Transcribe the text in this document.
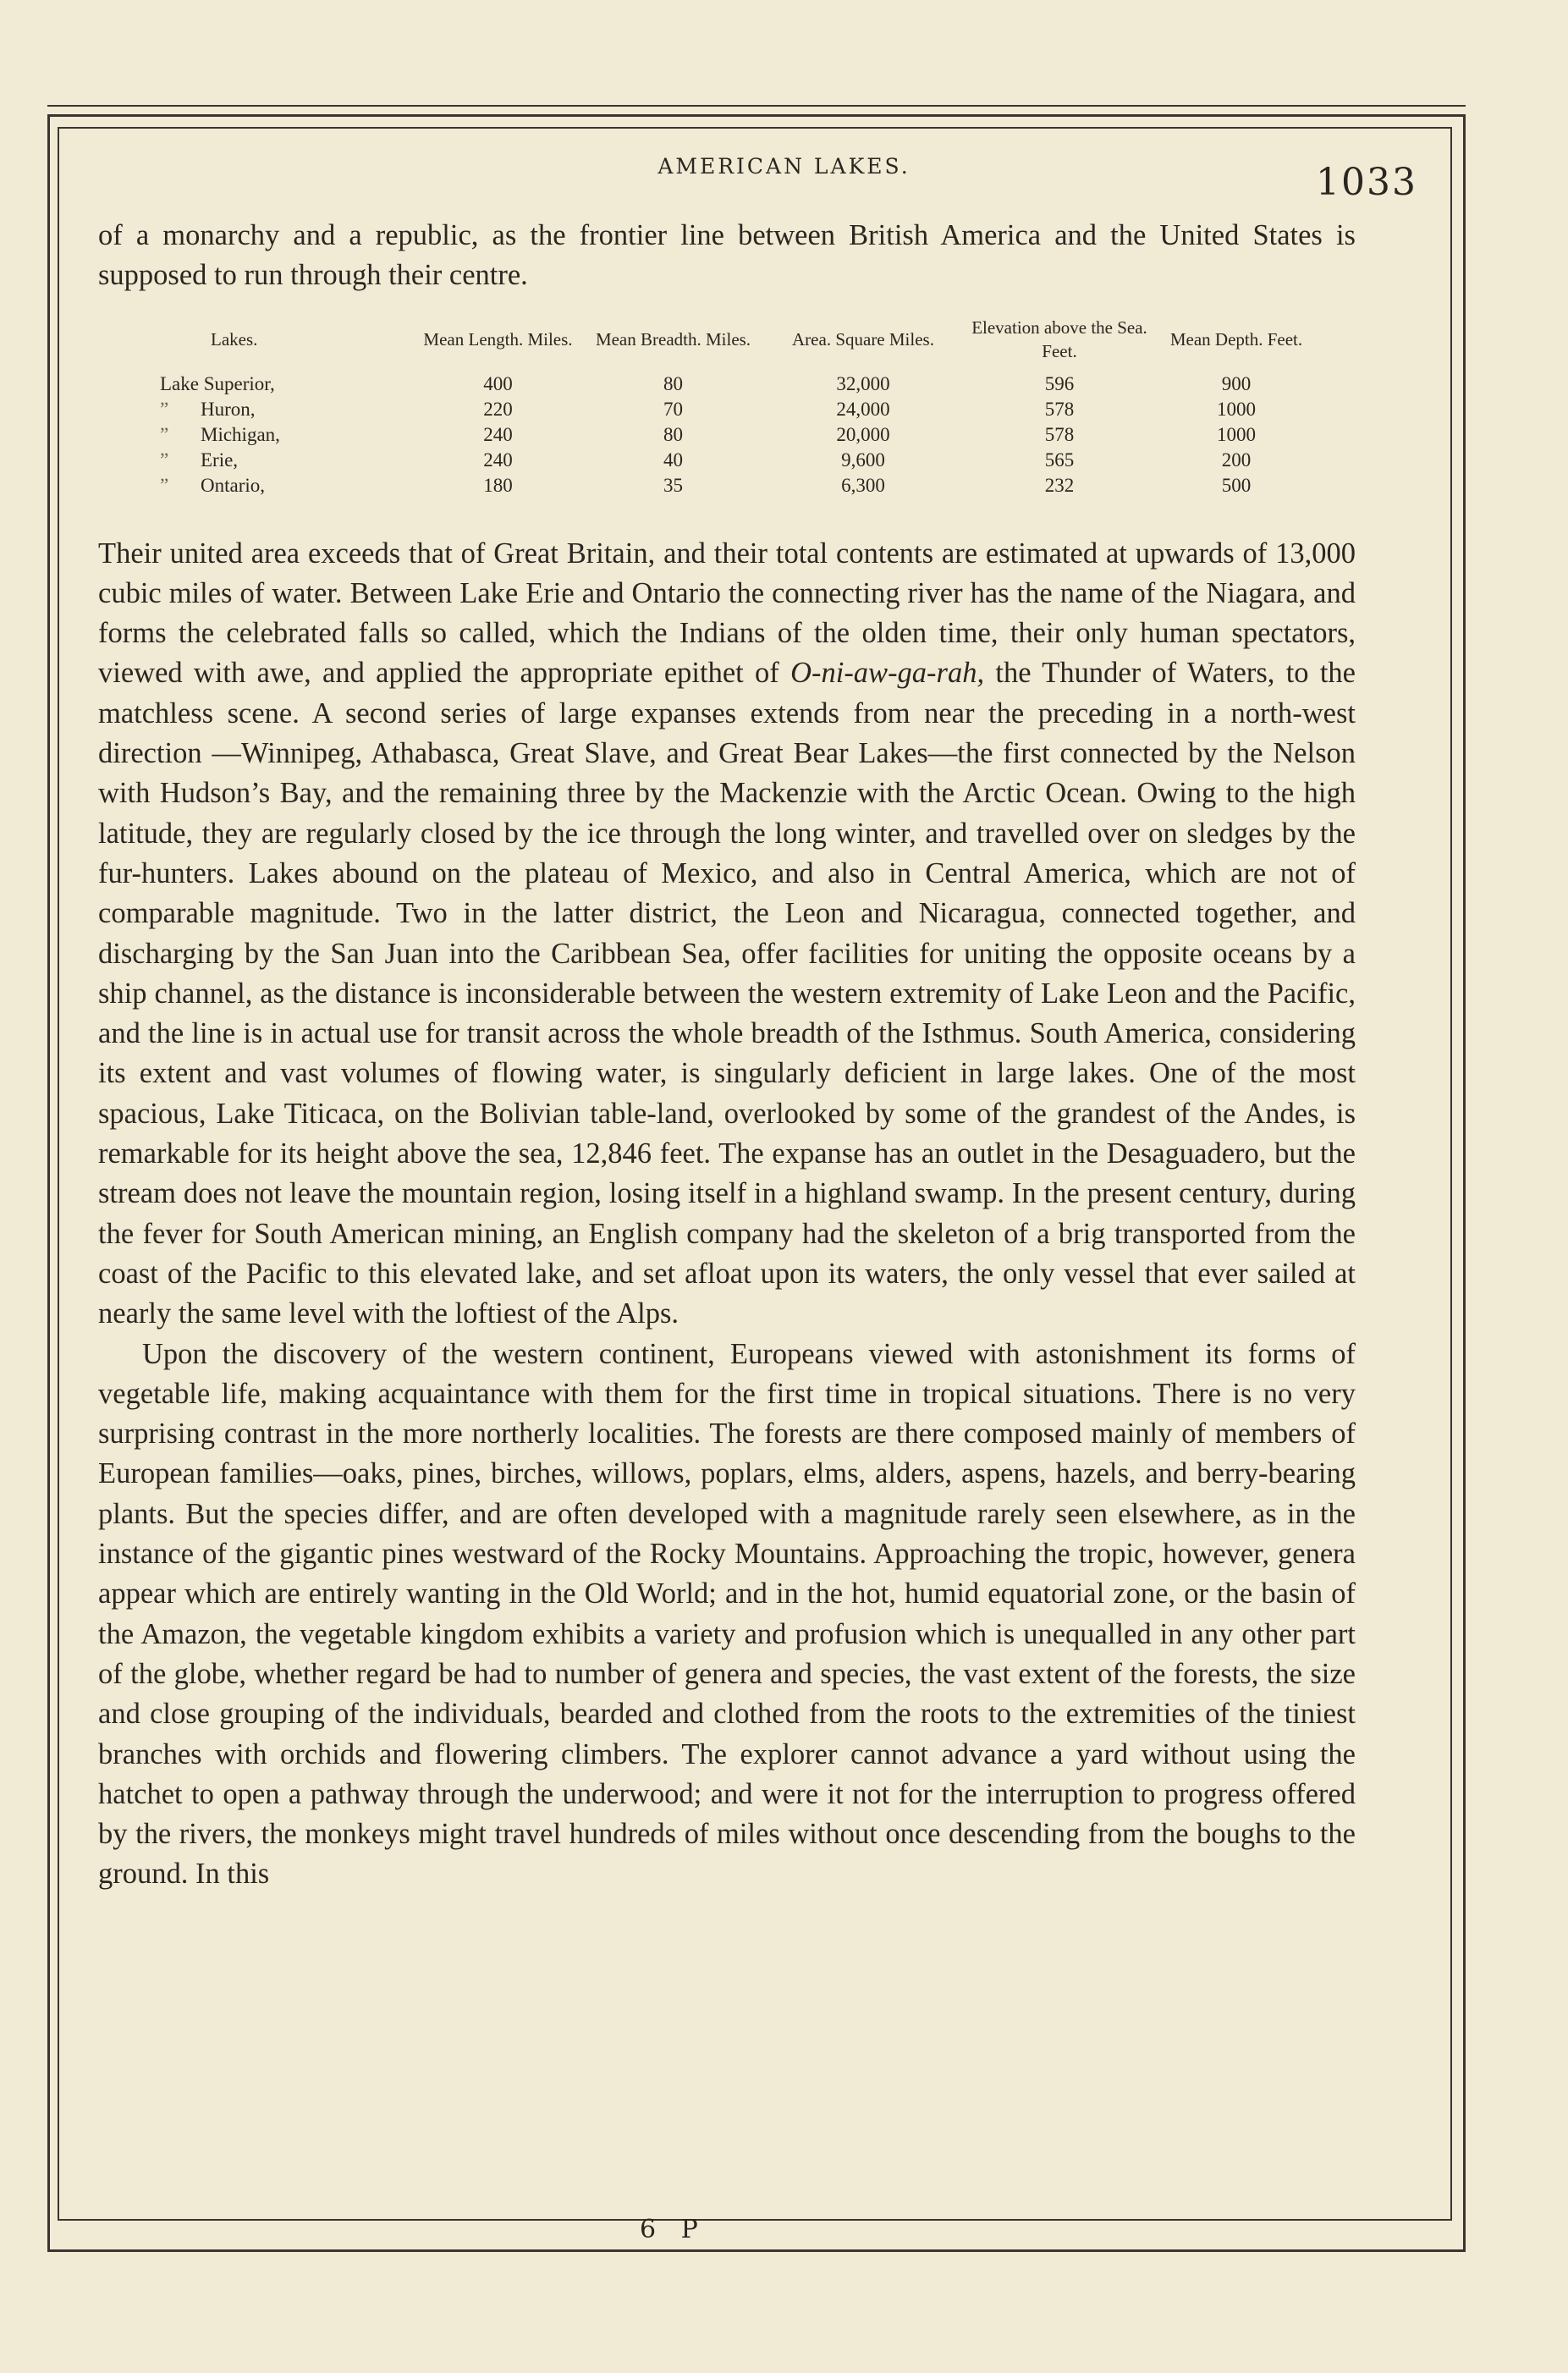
AMERICAN LAKES.	1033

of a monarchy and a republic, as the frontier line between British America and the United States is supposed to run through their centre.

Lakes.	Mean Length. Miles.	Mean Breadth. Miles.	Area. Square Miles.	Elevation above the Sea. Feet.	Mean Depth. Feet.
Lake Superior,	400	80	32,000	596	900
” Huron,	220	70	24,000	578	1000
” Michigan,	240	80	20,000	578	1000
” Erie,	240	40	9,600	565	200
” Ontario,	180	35	6,300	232	500

Their united area exceeds that of Great Britain, and their total contents are estimated at upwards of 13,000 cubic miles of water. Between Lake Erie and Ontario the connecting river has the name of the Niagara, and forms the celebrated falls so called, which the Indians of the olden time, their only human spectators, viewed with awe, and applied the appropriate epithet of O-ni-aw-ga-rah, the Thunder of Waters, to the matchless scene. A second series of large expanses extends from near the preceding in a north-west direction —Winnipeg, Athabasca, Great Slave, and Great Bear Lakes—the first connected by the Nelson with Hudson’s Bay, and the remaining three by the Mackenzie with the Arctic Ocean. Owing to the high latitude, they are regularly closed by the ice through the long winter, and travelled over on sledges by the fur-hunters. Lakes abound on the plateau of Mexico, and also in Central America, which are not of comparable magnitude. Two in the latter district, the Leon and Nicaragua, connected together, and discharging by the San Juan into the Caribbean Sea, offer facilities for uniting the opposite oceans by a ship channel, as the distance is inconsiderable between the western extremity of Lake Leon and the Pacific, and the line is in actual use for transit across the whole breadth of the Isthmus. South America, considering its extent and vast volumes of flowing water, is singularly deficient in large lakes. One of the most spacious, Lake Titicaca, on the Bolivian table-land, overlooked by some of the grandest of the Andes, is remarkable for its height above the sea, 12,846 feet. The expanse has an outlet in the Desaguadero, but the stream does not leave the mountain region, losing itself in a highland swamp. In the present century, during the fever for South American mining, an English company had the skeleton of a brig transported from the coast of the Pacific to this elevated lake, and set afloat upon its waters, the only vessel that ever sailed at nearly the same level with the loftiest of the Alps.

Upon the discovery of the western continent, Europeans viewed with astonishment its forms of vegetable life, making acquaintance with them for the first time in tropical situations. There is no very surprising contrast in the more northerly localities. The forests are there composed mainly of members of European families—oaks, pines, birches, willows, poplars, elms, alders, aspens, hazels, and berry-bearing plants. But the species differ, and are often developed with a magnitude rarely seen elsewhere, as in the instance of the gigantic pines westward of the Rocky Mountains. Approaching the tropic, however, genera appear which are entirely wanting in the Old World; and in the hot, humid equatorial zone, or the basin of the Amazon, the vegetable kingdom exhibits a variety and profusion which is unequalled in any other part of the globe, whether regard be had to number of genera and species, the vast extent of the forests, the size and close grouping of the individuals, bearded and clothed from the roots to the extremities of the tiniest branches with orchids and flowering climbers. The explorer cannot advance a yard without using the hatchet to open a pathway through the underwood; and were it not for the interruption to progress offered by the rivers, the monkeys might travel hundreds of miles without once descending from the boughs to the ground. In this

6 P
